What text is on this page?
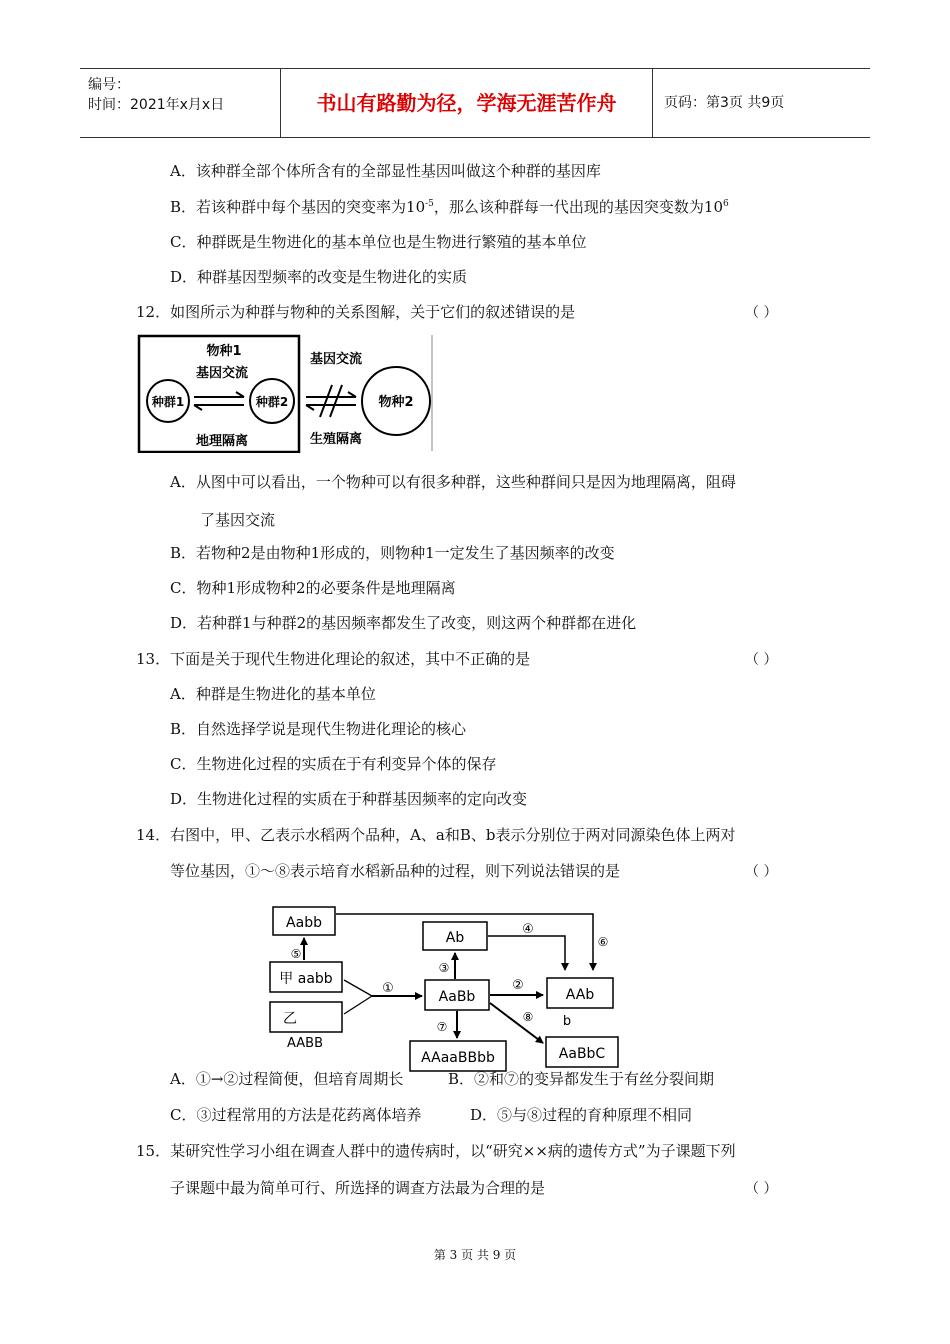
编号：
时间：2021年x月x日	书山有路勤为径，学海无涯苦作舟	页码：第3页 共9页
A．该种群全部个体所含有的全部显性基因叫做这个种群的基因库
B．若该种群中每个基因的突变率为$10^{-5}$，那么该种群每一代出现的基因突变数为$10^6$
C．种群既是生物进化的基本单位也是生物进行繁殖的基本单位
D．种群基因型频率的改变是生物进化的实质
12．如图所示为种群与物种的关系图解，关于它们的叙述错误的是	（ ）
物种1
基因交流
种群1	种群2
地理隔离
基因交流
物种2
生殖隔离
A．从图中可以看出，一个物种可以有很多种群，这些种群间只是因为地理隔离，阻碍
了基因交流
B．若物种2是由物种1形成的，则物种1一定发生了基因频率的改变
C．物种1形成物种2的必要条件是地理隔离
D．若种群1与种群2的基因频率都发生了改变，则这两个种群都在进化
13．下面是关于现代生物进化理论的叙述，其中不正确的是	（ ）
A．种群是生物进化的基本单位
B．自然选择学说是现代生物进化理论的核心
C．生物进化过程的实质在于有利变异个体的保存
D．生物进化过程的实质在于种群基因频率的定向改变
14．右图中，甲、乙表示水稻两个品种，A、a和B、b表示分别位于两对同源染色体上两对
等位基因，①～⑧表示培育水稻新品种的过程，则下列说法错误的是	（ ）
Aabb
⑤
甲 aabb
乙
AABB
①
AaBb
Ab
③
④
⑥
②
AAb
b
⑦
AAaaBBbb
⑧
AaBbC
A．①→②过程简便，但培育周期长	B．②和⑦的变异都发生于有丝分裂间期
C．③过程常用的方法是花药离体培养	D．⑤与⑧过程的育种原理不相同
15．某研究性学习小组在调查人群中的遗传病时，以“研究××病的遗传方式”为子课题下列
子课题中最为简单可行、所选择的调查方法最为合理的是	（ ）
第 3 页 共 9 页
